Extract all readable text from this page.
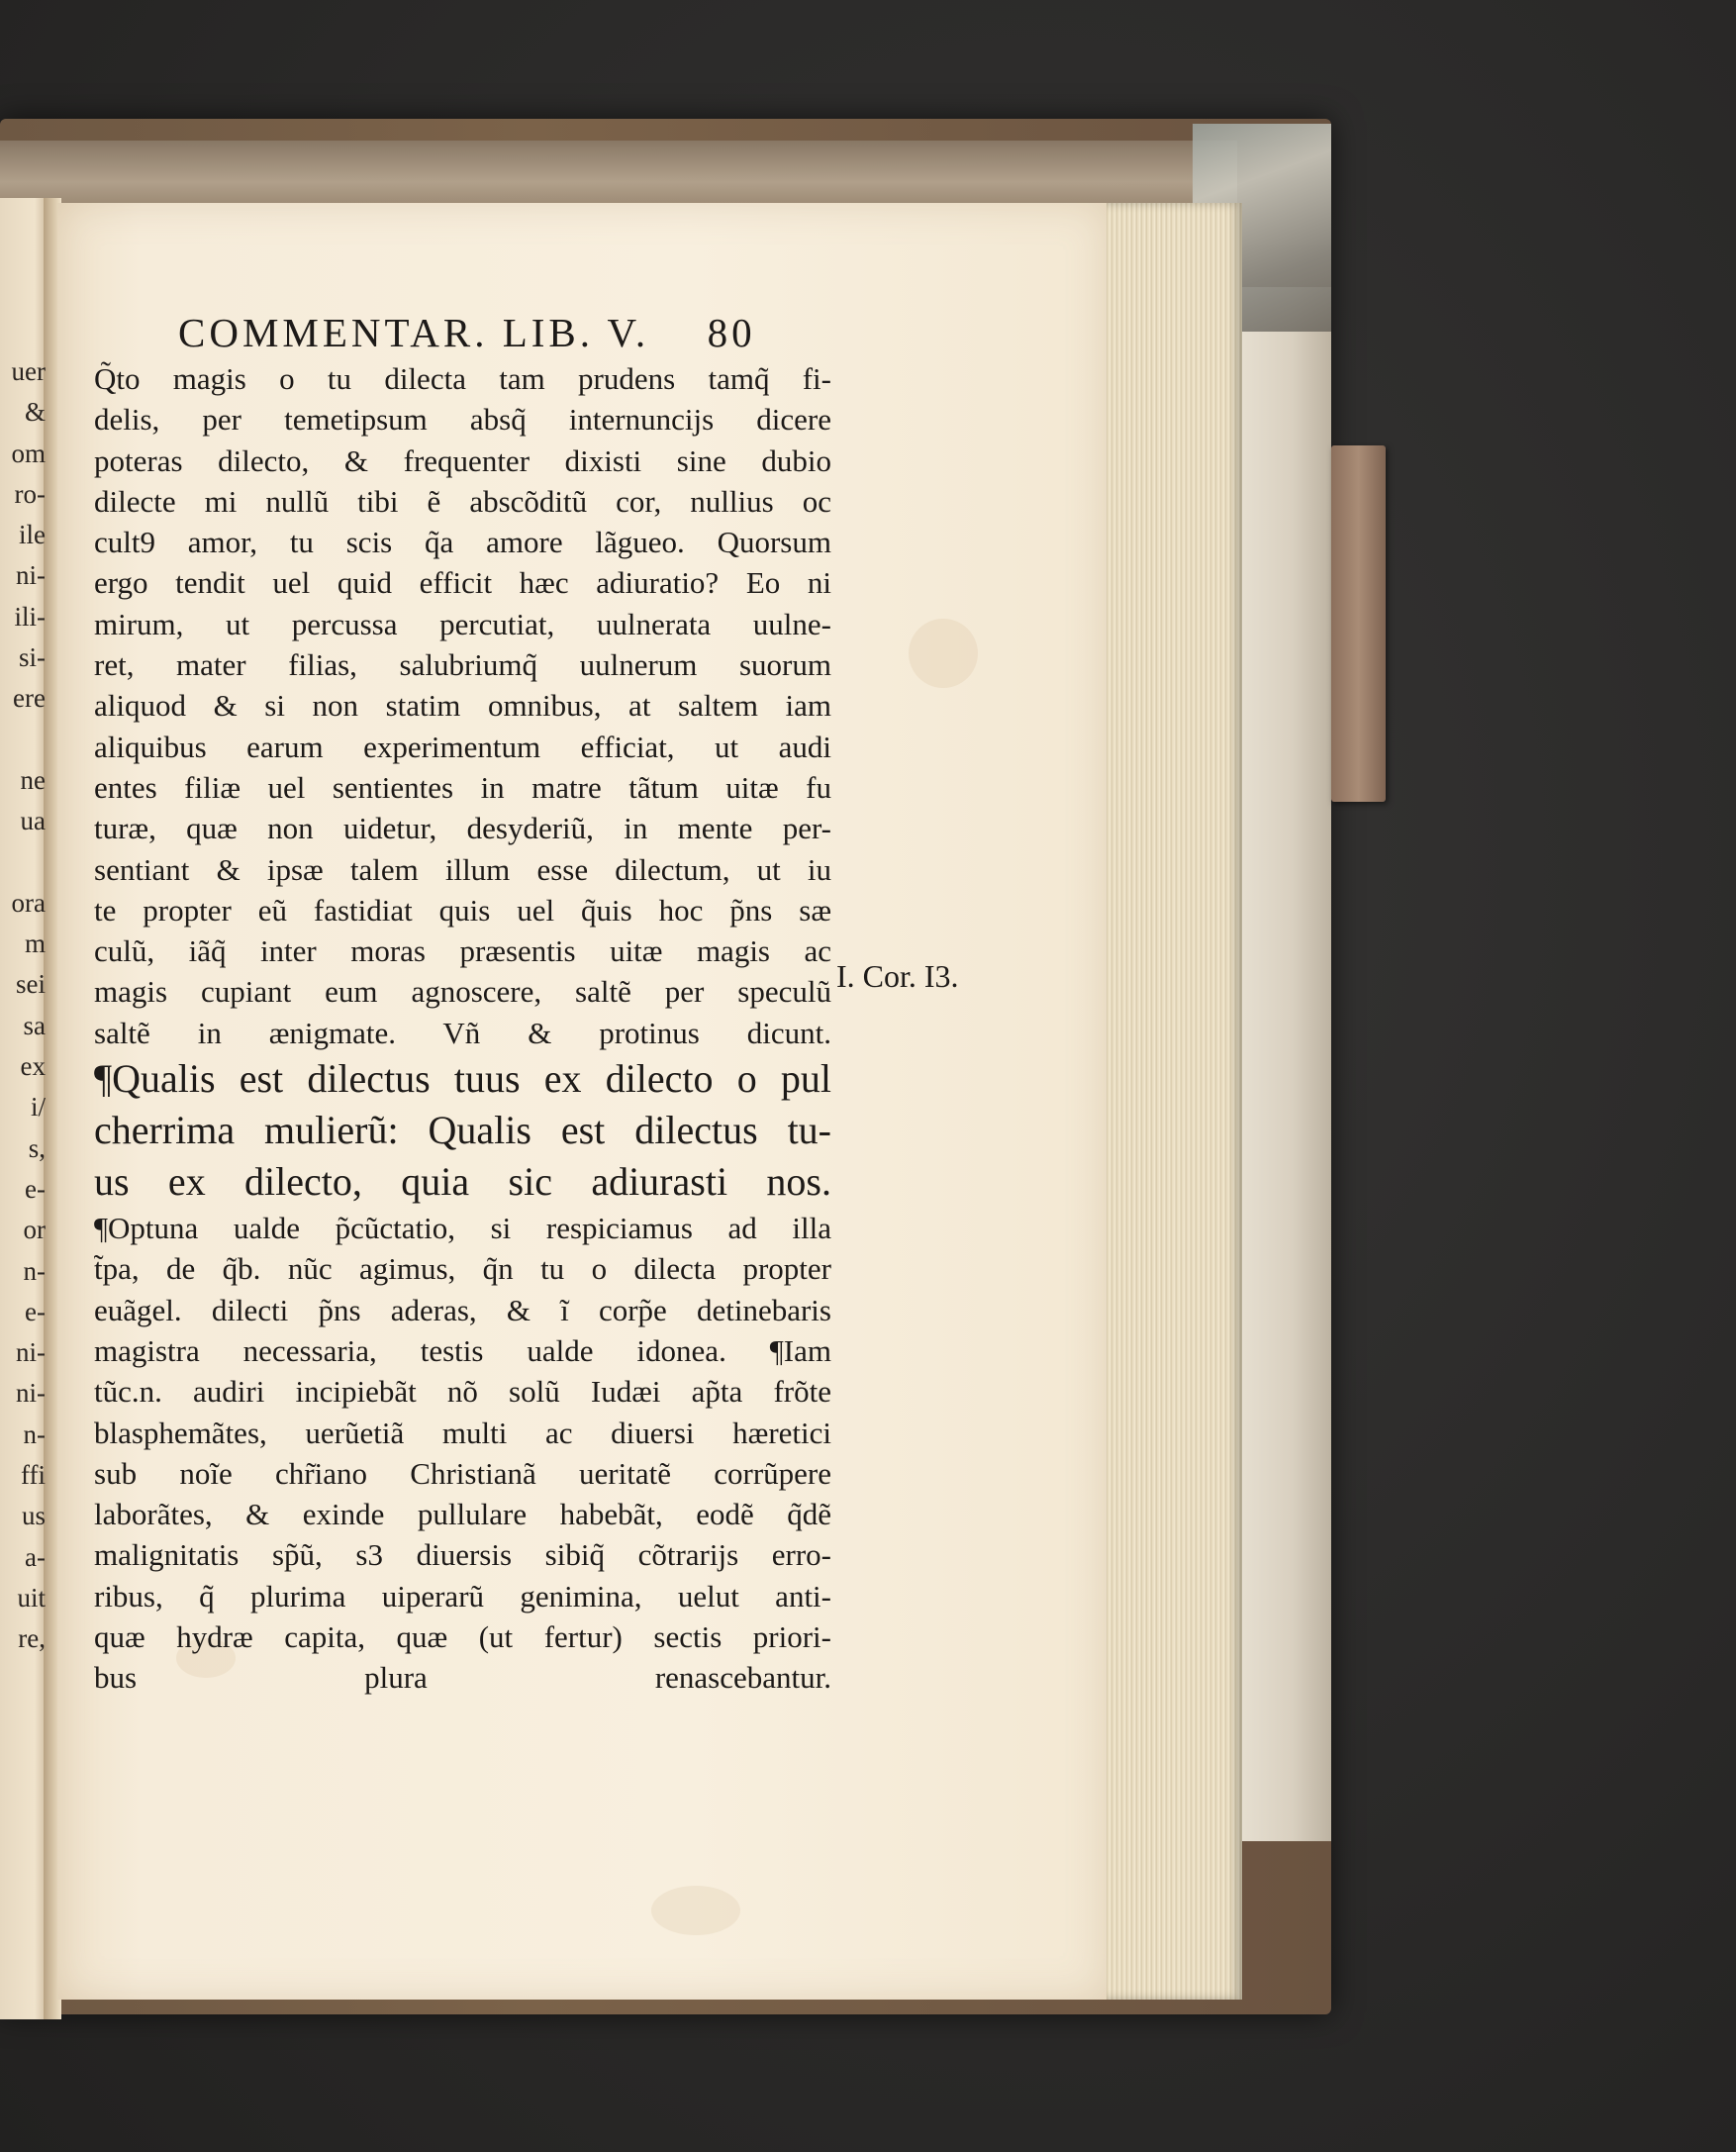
uer
&
om
ro-
ile
ni-
ili-
si-
ere
ne
ua
ora
m
sei
sa
ex
i/
s,
e-
or
n-
e-
ni-
ni-
n-
ffi
us
a-
uit
re,
COMMENTAR. LIB. V. 80
Q̃to magis o tu dilecta tam prudens tamq̃ fi-
delis, per temetipsum absq̃ internuncijs dicere
poteras dilecto, & frequenter dixisti sine dubio
dilecte mi nullũ tibi ẽ abscõditũ cor, nullius oc
cult9 amor, tu scis q̃a amore lãgueo. Quorsum
ergo tendit uel quid efficit hæc adiuratio? Eo ni
mirum, ut percussa percutiat, uulnerata uulne-
ret, mater filias, salubriumq̃ uulnerum suorum
aliquod & si non statim omnibus, at saltem iam
aliquibus earum experimentum efficiat, ut audi
entes filiæ uel sentientes in matre tãtum uitæ fu
turæ, quæ non uidetur, desyderiũ, in mente per-
sentiant & ipsæ talem illum esse dilectum, ut iu
te propter eũ fastidiat quis uel q̃uis hoc p̃ns sæ
culũ, iãq̃ inter moras præsentis uitæ magis ac
magis cupiant eum agnoscere, saltẽ per speculũ
saltẽ in ænigmate. Vñ & protinus dicunt.
¶Qualis est dilectus tuus ex dilecto o pul
cherrima mulierũ: Qualis est dilectus tu-
us ex dilecto, quia sic adiurasti nos.
¶Optuna ualde p̃cũctatio, si respiciamus ad illa
t̃pa, de q̃b. nũc agimus, q̃n tu o dilecta propter
euãgel. dilecti p̃ns aderas, & ĩ corp̃e detinebaris
magistra necessaria, testis ualde idonea. ¶Iam
tũc.n. audiri incipiebãt nõ solũ Iudæi ap̃ta frõte
blasphemãtes, uerũetiã multi ac diuersi hæretici
sub noĩe chr̃iano Christianã ueritatẽ corrũpere
laborãtes, & exinde pullulare habebãt, eodẽ q̃dẽ
malignitatis sp̃ũ, s3 diuersis sibiq̃ cõtrarijs erro-
ribus, q̃̃ plurima uiperarũ genimina, uelut anti-
quæ hydræ capita, quæ (ut fertur) sectis priori-
bus plura renascebantur.
I. Cor. I3.
